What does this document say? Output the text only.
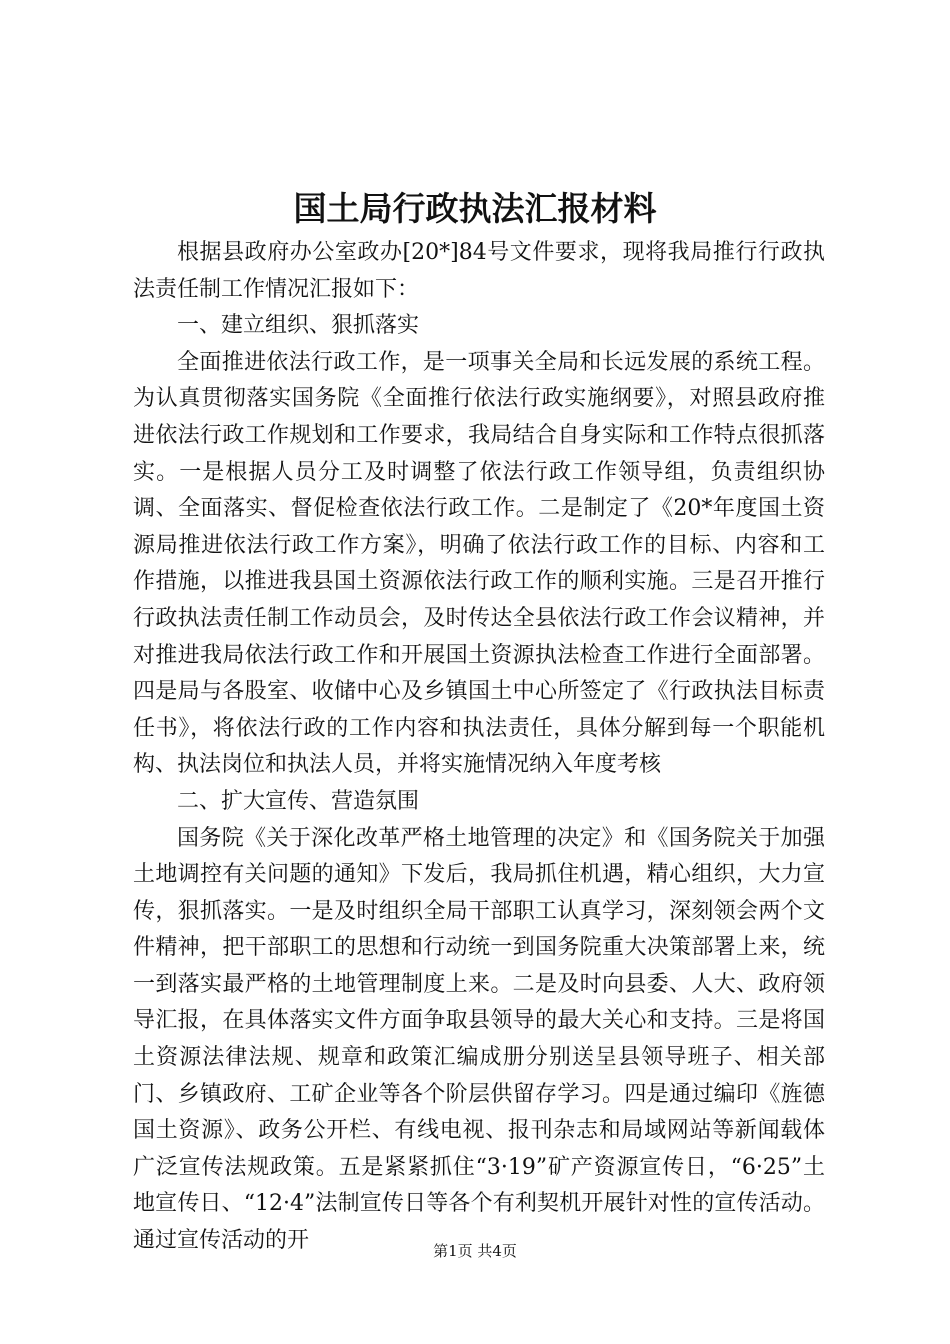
国土局行政执法汇报材料

根据县政府办公室政办[20*]84号文件要求，现将我局推行行政执法责任制工作情况汇报如下：

一、建立组织、狠抓落实

全面推进依法行政工作，是一项事关全局和长远发展的系统工程。为认真贯彻落实国务院《全面推行依法行政实施纲要》，对照县政府推进依法行政工作规划和工作要求，我局结合自身实际和工作特点很抓落实。一是根据人员分工及时调整了依法行政工作领导组，负责组织协调、全面落实、督促检查依法行政工作。二是制定了《20*年度国土资源局推进依法行政工作方案》，明确了依法行政工作的目标、内容和工作措施，以推进我县国土资源依法行政工作的顺利实施。三是召开推行行政执法责任制工作动员会，及时传达全县依法行政工作会议精神，并对推进我局依法行政工作和开展国土资源执法检查工作进行全面部署。四是局与各股室、收储中心及乡镇国土中心所签定了《行政执法目标责任书》，将依法行政的工作内容和执法责任，具体分解到每一个职能机构、执法岗位和执法人员，并将实施情况纳入年度考核

二、扩大宣传、营造氛围

国务院《关于深化改革严格土地管理的决定》和《国务院关于加强土地调控有关问题的通知》下发后，我局抓住机遇，精心组织，大力宣传，狠抓落实。一是及时组织全局干部职工认真学习，深刻领会两个文件精神，把干部职工的思想和行动统一到国务院重大决策部署上来，统一到落实最严格的土地管理制度上来。二是及时向县委、人大、政府领导汇报，在具体落实文件方面争取县领导的最大关心和支持。三是将国土资源法律法规、规章和政策汇编成册分别送呈县领导班子、相关部门、乡镇政府、工矿企业等各个阶层供留存学习。四是通过编印《旌德国土资源》、政务公开栏、有线电视、报刊杂志和局域网站等新闻载体广泛宣传法规政策。五是紧紧抓住“3·19”矿产资源宣传日，“6·25”土地宣传日、“12·4”法制宣传日等各个有利契机开展针对性的宣传活动。通过宣传活动的开	第1页 共4页
